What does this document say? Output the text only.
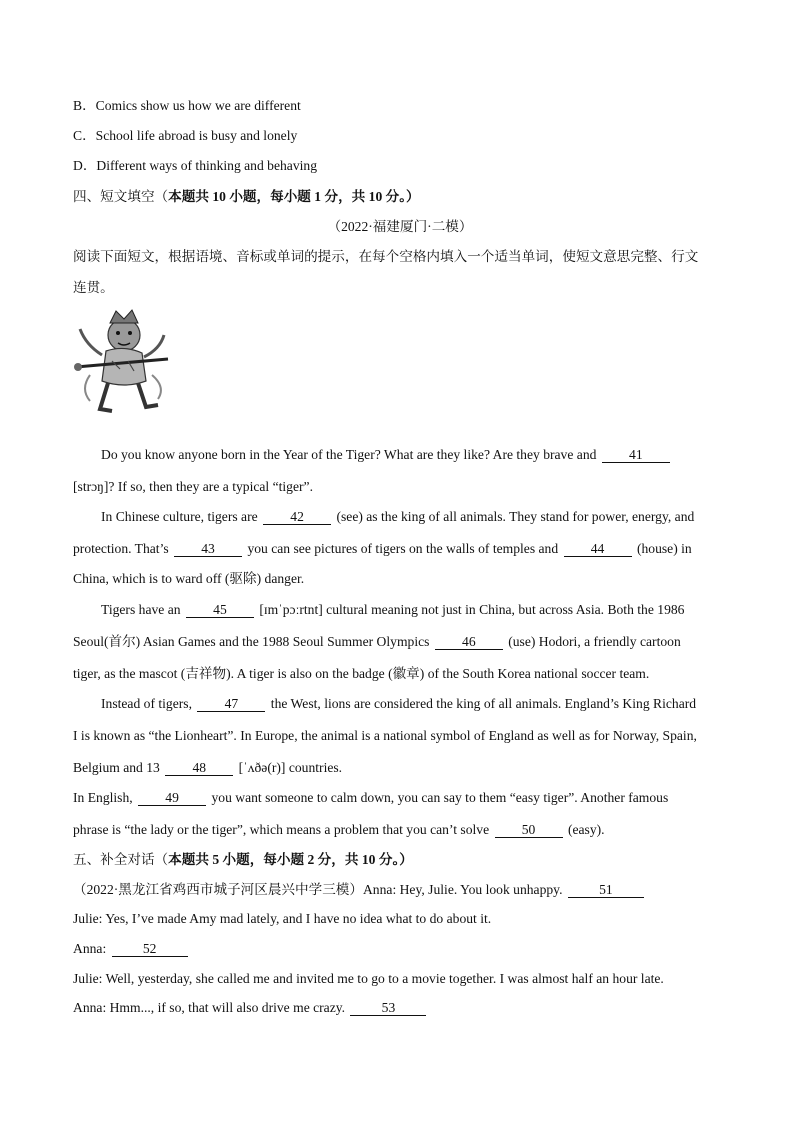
B．Comics show us how we are different
C．School life abroad is busy and lonely
D．Different ways of thinking and behaving
四、短文填空（本题共 10 小题，每小题 1 分，共 10 分。）
（2022·福建厦门·二模）
阅读下面短文，根据语境、音标或单词的提示，在每个空格内填入一个适当单词，使短文意思完整、行文
连贯。
Do you know anyone born in the Year of the Tiger? What are they like? Are they brave and 41
[strɔŋ]? If so, then they are a typical “tiger”.
In Chinese culture, tigers are 42 (see) as the king of all animals. They stand for power, energy, and
protection. That’s 43 you can see pictures of tigers on the walls of temples and 44 (house) in
China, which is to ward off (驱除) danger.
Tigers have an 45 [ɪmˈpɔːrtnt] cultural meaning not just in China, but across Asia. Both the 1986
Seoul(首尔) Asian Games and the 1988 Seoul Summer Olympics 46 (use) Hodori, a friendly cartoon
tiger, as the mascot (吉祥物). A tiger is also on the badge (徽章) of the South Korea national soccer team.
Instead of tigers, 47 the West, lions are considered the king of all animals. England’s King Richard
I is known as “the Lionheart”. In Europe, the animal is a national symbol of England as well as for Norway, Spain,
Belgium and 13 48 [ˈʌðə(r)] countries.
In English, 49 you want someone to calm down, you can say to them “easy tiger”. Another famous
phrase is “the lady or the tiger”, which means a problem that you can’t solve 50 (easy).
五、补全对话（本题共 5 小题，每小题 2 分，共 10 分。）
（2022·黑龙江省鸡西市城子河区晨兴中学三模）Anna: Hey, Julie. You look unhappy.	51
Julie: Yes, I’ve made Amy mad lately, and I have no idea what to do about it.
Anna:	52
Julie: Well, yesterday, she called me and invited me to go to a movie together. I was almost half an hour late.
Anna: Hmm..., if so, that will also drive me crazy.	53
